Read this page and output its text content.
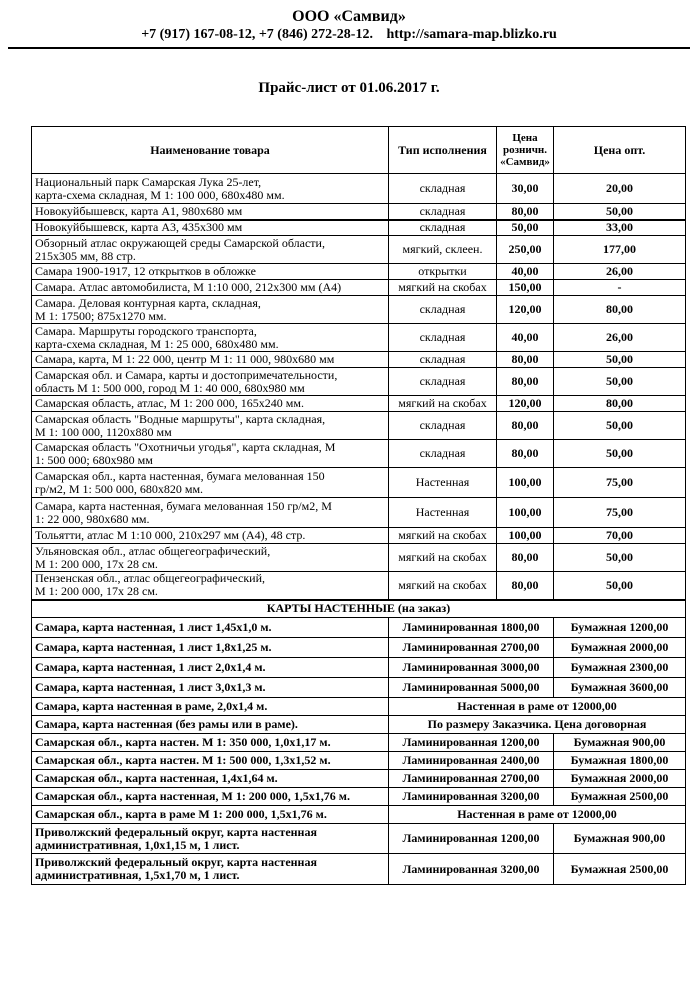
ООО «Самвид»
+7 (917) 167-08-12, +7 (846) 272-28-12. http://samara-map.blizko.ru
Прайс-лист от 01.06.2017 г.
Наименование товара	Тип исполнения	Цена розничн. «Самвид»	Цена опт.
Национальный парк Самарская Лука 25-лет,
карта-схема складная, М 1: 100 000, 680х480 мм.	складная	30,00	20,00
Новокуйбышевск, карта А1, 980х680 мм	складная	80,00	50,00
Новокуйбышевск, карта А3, 435х300 мм	складная	50,00	33,00
Обзорный атлас окружающей среды Самарской области,
215х305 мм, 88 стр.	мягкий, склеен.	250,00	177,00
Самара 1900-1917, 12 открытков в обложке	открытки	40,00	26,00
Самара. Атлас автомобилиста, М 1:10 000, 212х300 мм (А4)	мягкий на скобах	150,00	-
Самара. Деловая контурная карта, складная,
М 1: 17500; 875х1270 мм.	складная	120,00	80,00
Самара. Маршруты городского транспорта,
карта-схема складная, М 1: 25 000, 680х480 мм.	складная	40,00	26,00
Самара, карта, М 1: 22 000, центр М 1: 11 000, 980х680 мм	складная	80,00	50,00
Самарская обл. и Самара, карты и достопримечательности,
область М 1: 500 000, город М 1: 40 000, 680х980 мм	складная	80,00	50,00
Самарская область, атлас, М 1: 200 000, 165х240 мм.	мягкий на скобах	120,00	80,00
Самарская область "Водные маршруты", карта складная,
М 1: 100 000, 1120х880 мм	складная	80,00	50,00
Самарская область "Охотничьи угодья", карта складная, М
1: 500 000; 680х980 мм	складная	80,00	50,00
Самарская обл., карта настенная, бумага мелованная 150
гр/м2, М 1: 500 000, 680х820 мм.	Настенная	100,00	75,00
Самара, карта настенная, бумага мелованная 150 гр/м2, М
1: 22 000, 980х680 мм.	Настенная	100,00	75,00
Тольятти, атлас М 1:10 000, 210х297 мм (А4), 48 стр.	мягкий на скобах	100,00	70,00
Ульяновская обл., атлас общегеографический,
М 1: 200 000, 17х 28 см.	мягкий на скобах	80,00	50,00
Пензенская обл., атлас общегеографический,
М 1: 200 000, 17х 28 см.	мягкий на скобах	80,00	50,00
КАРТЫ НАСТЕННЫЕ (на заказ)			
Самара, карта настенная, 1 лист 1,45х1,0 м.	Ламинированная 1800,00		Бумажная 1200,00
Самара, карта настенная, 1 лист 1,8х1,25 м.	Ламинированная 2700,00		Бумажная 2000,00
Самара, карта настенная, 1 лист 2,0х1,4 м.	Ламинированная 3000,00		Бумажная 2300,00
Самара, карта настенная, 1 лист 3,0х1,3 м.	Ламинированная 5000,00		Бумажная 3600,00
Самара, карта настенная в раме, 2,0х1,4 м.	Настенная в раме от 12000,00		
Самара, карта настенная (без рамы или в раме).	По размеру Заказчика. Цена договорная		
Самарская обл., карта настен. М 1: 350 000, 1,0х1,17 м.	Ламинированная 1200,00		Бумажная 900,00
Самарская обл., карта настен. М 1: 500 000, 1,3х1,52 м.	Ламинированная 2400,00		Бумажная 1800,00
Самарская обл., карта настенная, 1,4х1,64 м.	Ламинированная 2700,00		Бумажная 2000,00
Самарская обл., карта настенная, М 1: 200 000, 1,5х1,76 м.	Ламинированная 3200,00		Бумажная 2500,00
Самарская обл., карта в раме М 1: 200 000, 1,5х1,76 м.	Настенная в раме от 12000,00		
Приволжский федеральный округ, карта настенная
административная, 1,0х1,15 м, 1 лист.	Ламинированная 1200,00		Бумажная 900,00
Приволжский федеральный округ, карта настенная
административная, 1,5х1,70 м, 1 лист.	Ламинированная 3200,00		Бумажная 2500,00
